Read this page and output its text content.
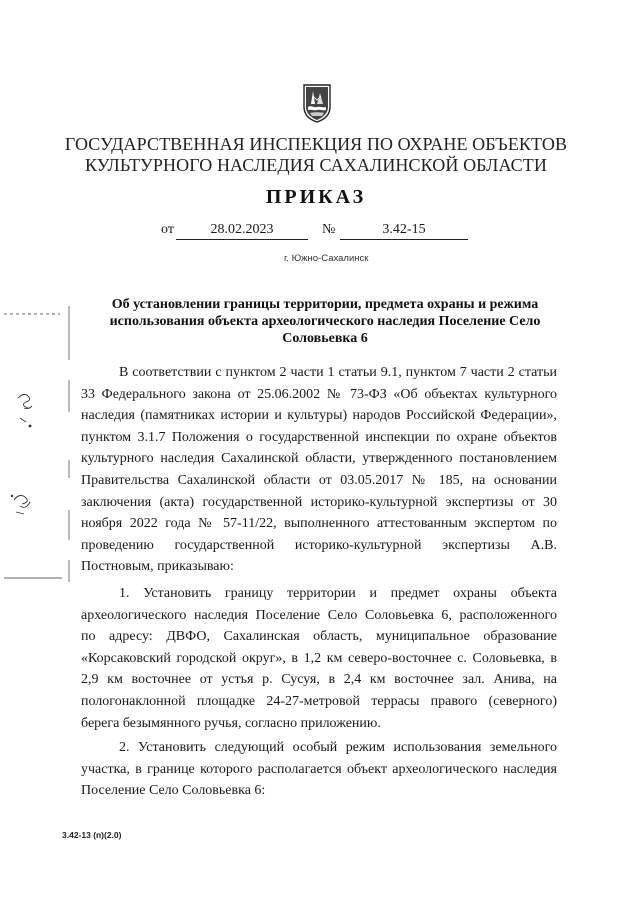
ГОСУДАРСТВЕННАЯ ИНСПЕКЦИЯ ПО ОХРАНЕ ОБЪЕКТОВ
КУЛЬТУРНОГО НАСЛЕДИЯ САХАЛИНСКОЙ ОБЛАСТИ
ПРИКАЗ
от	28.02.2023	№	3.42-15
г. Южно-Сахалинск
Об установлении границы территории, предмета охраны и режима
использования объекта археологического наследия Поселение Село
Соловьевка 6
В соответствии с пунктом 2 части 1 статьи 9.1, пунктом 7 части 2 статьи
33 Федерального закона от 25.06.2002 № 73-ФЗ «Об объектах культурного
наследия (памятниках истории и культуры) народов Российской Федерации»,
пунктом 3.1.7 Положения о государственной инспекции по охране объектов
культурного наследия Сахалинской области, утвержденного постановлением
Правительства Сахалинской области от 03.05.2017 № 185, на основании
заключения (акта) государственной историко-культурной экспертизы от 30
ноября 2022 года № 57-11/22, выполненного аттестованным экспертом по
проведению государственной историко-культурной экспертизы А.В.
Постновым, приказываю:
1. Установить границу территории и предмет охраны объекта
археологического наследия Поселение Село Соловьевка 6, расположенного
по адресу: ДВФО, Сахалинская область, муниципальное образование
«Корсаковский городской округ», в 1,2 км северо-восточнее с. Соловьевка, в
2,9 км восточнее от устья р. Сусуя, в 2,4 км восточнее зал. Анива, на
пологонаклонной площадке 24-27-метровой террасы правого (северного)
берега безымянного ручья, согласно приложению.
2. Установить следующий особый режим использования земельного
участка, в границе которого располагается объект археологического наследия
Поселение Село Соловьевка 6:
3.42-13 (п)(2.0)
